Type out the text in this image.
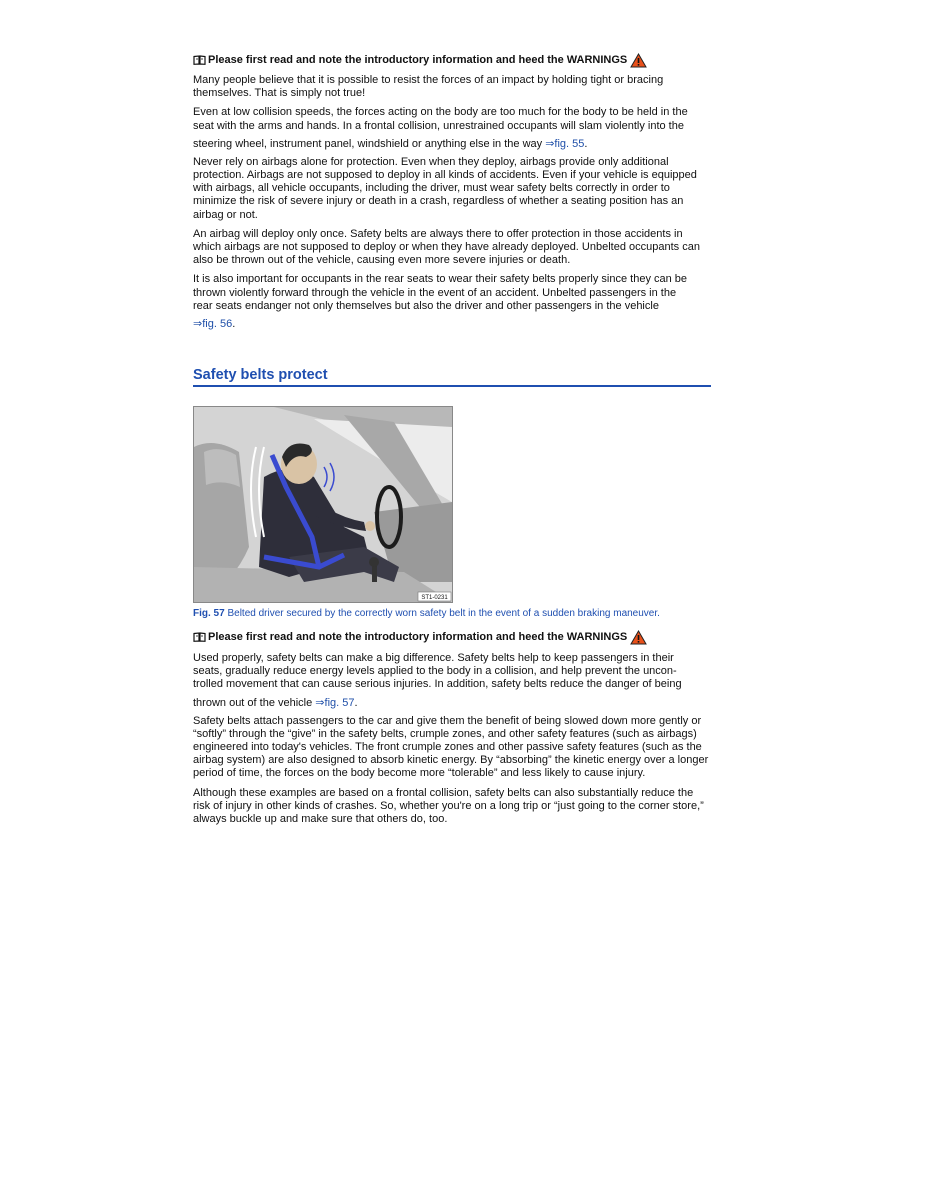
Please first read and note the introductory information and heed the WARNINGS

Many people believe that it is possible to resist the forces of an impact by holding tight or bracing themselves. That is simply not true!

Even at low collision speeds, the forces acting on the body are too much for the body to be held in the
seat with the arms and hands. In a frontal collision, unrestrained occupants will slam violently into the

steering wheel, instrument panel, windshield or anything else in the way ⇒fig. 55.

Never rely on airbags alone for protection. Even when they deploy, airbags provide only additional protection. Airbags are not supposed to deploy in all kinds of accidents. Even if your vehicle is equipped with airbags, all vehicle occupants, including the driver, must wear safety belts correctly in order to minimize the risk of severe injury or death in a crash, regardless of whether a seating position has an airbag or not.

An airbag will deploy only once. Safety belts are always there to offer protection in those accidents in which airbags are not supposed to deploy or when they have already deployed. Unbelted occupants can also be thrown out of the vehicle, causing even more severe injuries or death.

It is also important for occupants in the rear seats to wear their safety belts properly since they can be
thrown violently forward through the vehicle in the event of an accident. Unbelted passengers in the
rear seats endanger not only themselves but also the driver and other passengers in the vehicle

⇒fig. 56.

Safety belts protect
ST1-0231
Fig. 57 Belted driver secured by the correctly worn safety belt in the event of a sudden braking maneuver.
Please first read and note the introductory information and heed the WARNINGS

Used properly, safety belts can make a big difference. Safety belts help to keep passengers in their
seats, gradually reduce energy levels applied to the body in a collision, and help prevent the uncon-
trolled movement that can cause serious injuries. In addition, safety belts reduce the danger of being

thrown out of the vehicle ⇒fig. 57.

Safety belts attach passengers to the car and give them the benefit of being slowed down more gently or “softly” through the “give” in the safety belts, crumple zones, and other safety features (such as airbags) engineered into today's vehicles. The front crumple zones and other passive safety features (such as the airbag system) are also designed to absorb kinetic energy. By “absorbing” the kinetic energy over a longer period of time, the forces on the body become more “tolerable” and less likely to cause injury.

Although these examples are based on a frontal collision, safety belts can also substantially reduce the risk of injury in other kinds of crashes. So, whether you're on a long trip or “just going to the corner store,” always buckle up and make sure that others do, too.
